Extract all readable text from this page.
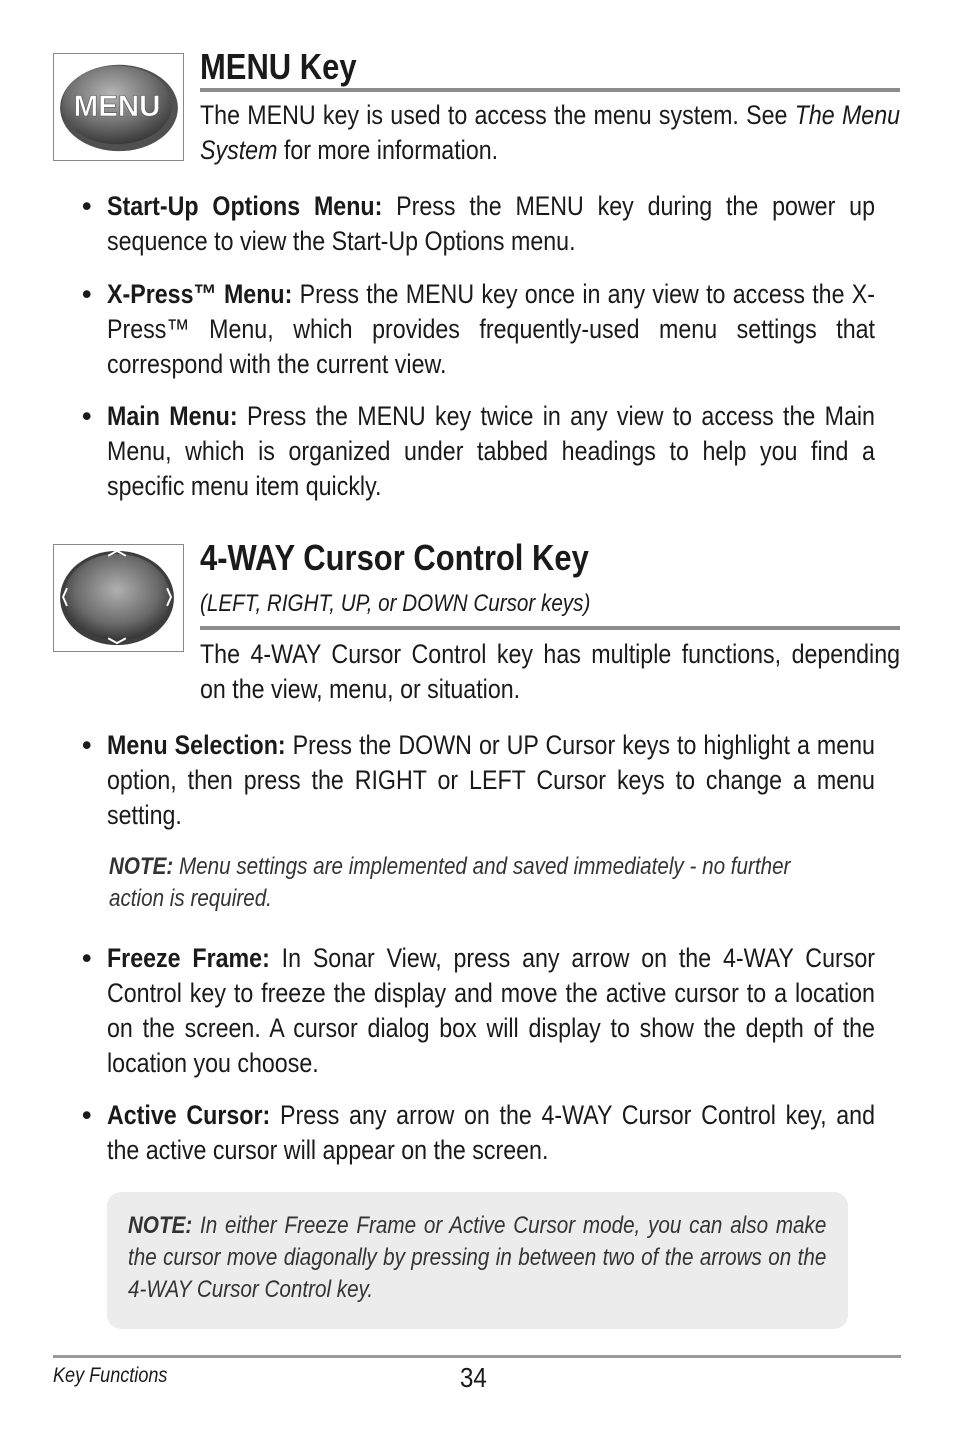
MENU
MENU Key

The MENU key is used to access the menu system. See The Menu System for more information.

• Start-Up Options Menu: Press the MENU key during the power up sequence to view the Start-Up Options menu.

• X-Press™ Menu: Press the MENU key once in any view to access the X-Press™ Menu, which provides frequently-used menu settings that correspond with the current view.

• Main Menu: Press the MENU key twice in any view to access the Main Menu, which is organized under tabbed headings to help you find a specific menu item quickly.

4-WAY Cursor Control Key
(LEFT, RIGHT, UP, or DOWN Cursor keys)

The 4-WAY Cursor Control key has multiple functions, depending on the view, menu, or situation.

• Menu Selection: Press the DOWN or UP Cursor keys to highlight a menu option, then press the RIGHT or LEFT Cursor keys to change a menu setting.

NOTE: Menu settings are implemented and saved immediately - no further action is required.
• Freeze Frame: In Sonar View, press any arrow on the 4-WAY Cursor Control key to freeze the display and move the active cursor to a location on the screen. A cursor dialog box will display to show the depth of the location you choose.

• Active Cursor: Press any arrow on the 4-WAY Cursor Control key, and the active cursor will appear on the screen.

NOTE: In either Freeze Frame or Active Cursor mode, you can also make the cursor move diagonally by pressing in between two of the arrows on the 4-WAY Cursor Control key.
Key Functions	34
